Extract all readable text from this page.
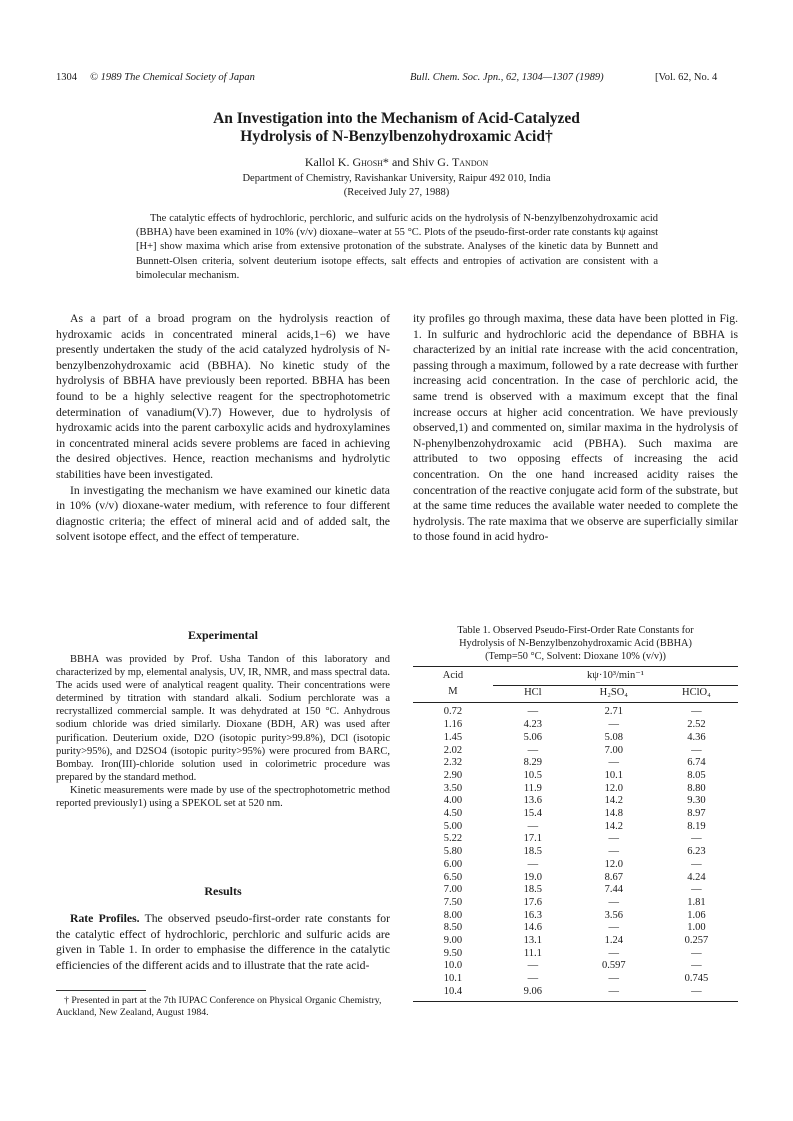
1304 © 1989 The Chemical Society of Japan	Bull. Chem. Soc. Jpn., 62, 1304—1307 (1989)	[Vol. 62, No. 4
An Investigation into the Mechanism of Acid-Catalyzed
Hydrolysis of N-Benzylbenzohydroxamic Acid†
Kallol K. Ghosh* and Shiv G. Tandon
Department of Chemistry, Ravishankar University, Raipur 492 010, India
(Received July 27, 1988)

The catalytic effects of hydrochloric, perchloric, and sulfuric acids on the hydrolysis of N-benzylbenzohydroxamic acid (BBHA) have been examined in 10% (v/v) dioxane–water at 55 °C. Plots of the pseudo-first-order rate constants kψ against [H+] show maxima which arise from extensive protonation of the substrate. Analyses of the kinetic data by Bunnett and Bunnett-Olsen criteria, solvent deuterium isotope effects, salt effects and entropies of activation are consistent with a bimolecular mechanism.

As a part of a broad program on the hydrolysis reaction of hydroxamic acids in concentrated mineral acids,1−6) we have presently undertaken the study of the acid catalyzed hydrolysis of N-benzylbenzohydroxamic acid (BBHA). No kinetic study of the hydrolysis of BBHA have previously been reported. BBHA has been found to be a highly selective reagent for the spectrophotometric determination of vanadium(V).7) However, due to hydrolysis of hydroxamic acids into the parent carboxylic acids and hydroxylamines in concentrated mineral acids severe problems are faced in achieving the desired objectives. Hence, reaction mechanisms and hydrolytic stabilities have been investigated.

In investigating the mechanism we have examined our kinetic data in 10% (v/v) dioxane-water medium, with reference to four different diagnostic criteria; the effect of mineral acid and of added salt, the solvent isotope effect, and the effect of temperature.

Experimental

BBHA was provided by Prof. Usha Tandon of this laboratory and characterized by mp, elemental analysis, UV, IR, NMR, and mass spectral data. The acids used were of analytical reagent quality. Their concentrations were determined by titration with standard alkali. Sodium perchlorate was a recrystallized commercial sample. It was dehydrated at 150 °C. Anhydrous sodium chloride was dried similarly. Dioxane (BDH, AR) was used after purification. Deuterium oxide, D2O (isotopic purity>99.8%), DCl (isotopic purity>95%), and D2SO4 (isotopic purity>95%) were procured from BARC, Bombay. Iron(III)-chloride solution used in colorimetric procedure was prepared by the standard method.

Kinetic measurements were made by use of the spectrophotometric method reported previously1) using a SPEKOL set at 520 nm.

Results

Rate Profiles. The observed pseudo-first-order rate constants for the catalytic effect of hydrochloric, perchloric and sulfuric acids are given in Table 1. In order to emphasise the difference in the catalytic efficiencies of the different acids and to illustrate that the rate acid-

† Presented in part at the 7th IUPAC Conference on Physical Organic Chemistry, Auckland, New Zealand, August 1984.

ity profiles go through maxima, these data have been plotted in Fig. 1. In sulfuric and hydrochloric acid the dependance of BBHA is characterized by an initial rate increase with the acid concentration, passing through a maximum, followed by a rate decrease with further increasing acid concentration. In the case of perchloric acid, the same trend is observed with a maximum except that the final increase occurs at higher acid concentration. We have previously observed,1) and commented on, similar maxima in the hydrolysis of N-phenylbenzohydroxamic acid (PBHA). Such maxima are attributed to two opposing effects of increasing the acid concentration. On the one hand increased acidity raises the concentration of the reactive conjugate acid form of the substrate, but at the same time reduces the available water needed to complete the hydrolysis. The rate maxima that we observe are superficially similar to those found in acid hydro-

Table 1. Observed Pseudo-First-Order Rate Constants for
Hydrolysis of N-Benzylbenzohydroxamic Acid (BBHA)
(Temp=50 °C, Solvent: Dioxane 10% (v/v))
Acid	kψ·10³/min⁻¹		
M	HCl	H₂SO₄	HClO₄
0.72	—	2.71	—
1.16	4.23	—	2.52
1.45	5.06	5.08	4.36
2.02	—	7.00	—
2.32	8.29	—	6.74
2.90	10.5	10.1	8.05
3.50	11.9	12.0	8.80
4.00	13.6	14.2	9.30
4.50	15.4	14.8	8.97
5.00	—	14.2	8.19
5.22	17.1	—	—
5.80	18.5	—	6.23
6.00	—	12.0	—
6.50	19.0	8.67	4.24
7.00	18.5	7.44	—
7.50	17.6	—	1.81
8.00	16.3	3.56	1.06
8.50	14.6	—	1.00
9.00	13.1	1.24	0.257
9.50	11.1	—	—
10.0	—	0.597	—
10.1	—	—	0.745
10.4	9.06	—	—
